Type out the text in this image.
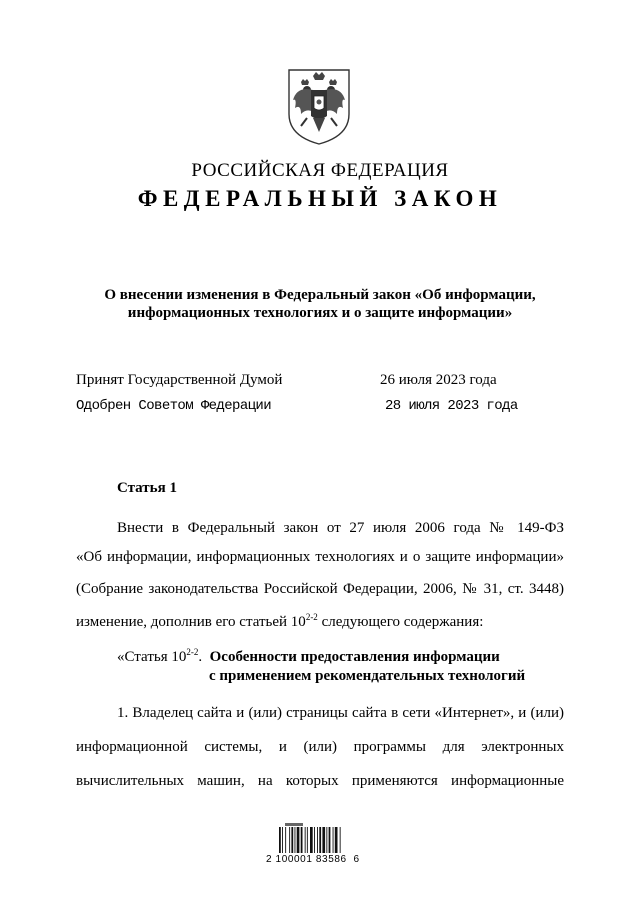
РОССИЙСКАЯ ФЕДЕРАЦИЯ
ФЕДЕРАЛЬНЫЙ ЗАКОН
О внесении изменения в Федеральный закон «Об информации,
информационных технологиях и о защите информации»
Принят Государственной Думой	26 июля 2023 года
Одобрен Советом Федерации	28 июля 2023 года
Статья 1
Внести в Федеральный закон от 27 июля 2006 года № 149-ФЗ
«Об информации, информационных технологиях и о защите информации»
(Собрание законодательства Российской Федерации, 2006, № 31, ст. 3448)
изменение, дополнив его статьей 10$^{2-2}$ следующего содержания:
«Статья 10$^{2-2}$. Особенности предоставления информации
с применением рекомендательных технологий
1. Владелец сайта и (или) страницы сайта в сети «Интернет», и (или)
информационной системы, и (или) программы для электронных
вычислительных машин, на которых применяются информационные
2 100001 83586  6
